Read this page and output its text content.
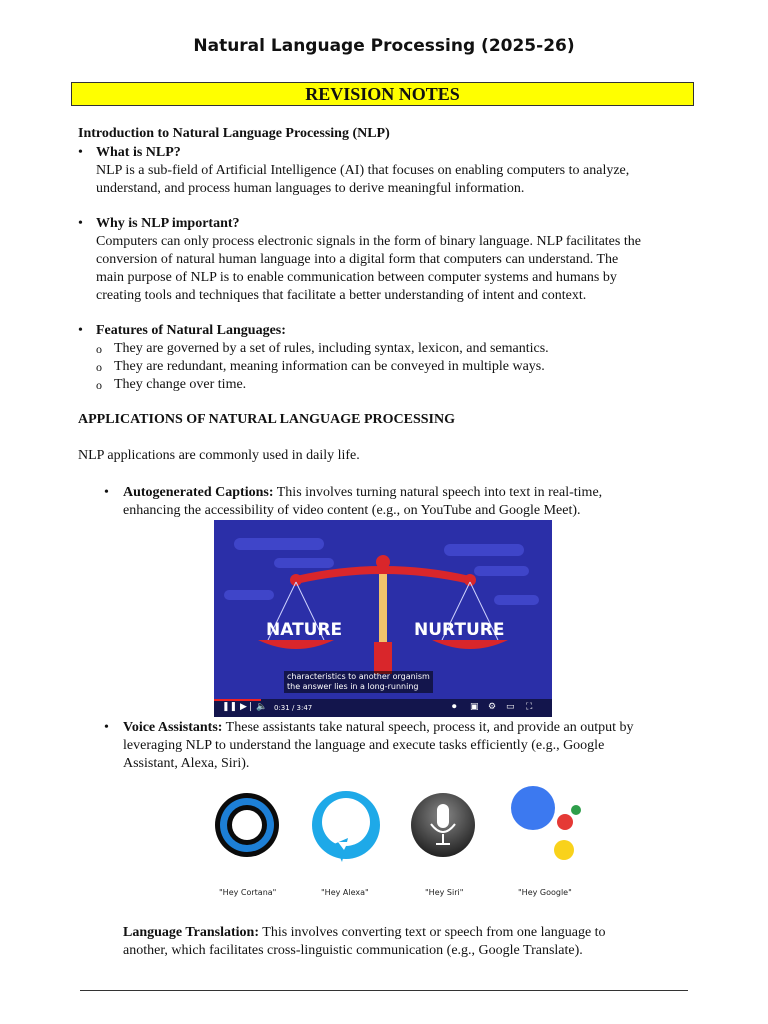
Natural Language Processing (2025-26)
REVISION NOTES
Introduction to Natural Language Processing (NLP)
• What is NLP?
NLP is a sub-field of Artificial Intelligence (AI) that focuses on enabling computers to analyze,
understand, and process human languages to derive meaningful information.
• Why is NLP important?
Computers can only process electronic signals in the form of binary language. NLP facilitates the
conversion of natural human language into a digital form that computers can understand. The
main purpose of NLP is to enable communication between computer systems and humans by
creating tools and techniques that facilitate a better understanding of intent and context.
• Features of Natural Languages:
o They are governed by a set of rules, including syntax, lexicon, and semantics.
o They are redundant, meaning information can be conveyed in multiple ways.
o They change over time.
APPLICATIONS OF NATURAL LANGUAGE PROCESSING
NLP applications are commonly used in daily life.
• Autogenerated Captions: This involves turning natural speech into text in real-time,
enhancing the accessibility of video content (e.g., on YouTube and Google Meet).
NATURE	NURTURE
characteristics to another organism
the answer lies in a long-running
❚❚ ▶❘ 🔈 0:31 / 3:47	⏺ ▣ ⚙ ▭ ⛶
• Voice Assistants: These assistants take natural speech, process it, and provide an output by
leveraging NLP to understand the language and execute tasks efficiently (e.g., Google
Assistant, Alexa, Siri).
"Hey Cortana"	"Hey Alexa"	"Hey Siri"	"Hey Google"
Language Translation: This involves converting text or speech from one language to
another, which facilitates cross-linguistic communication (e.g., Google Translate).
